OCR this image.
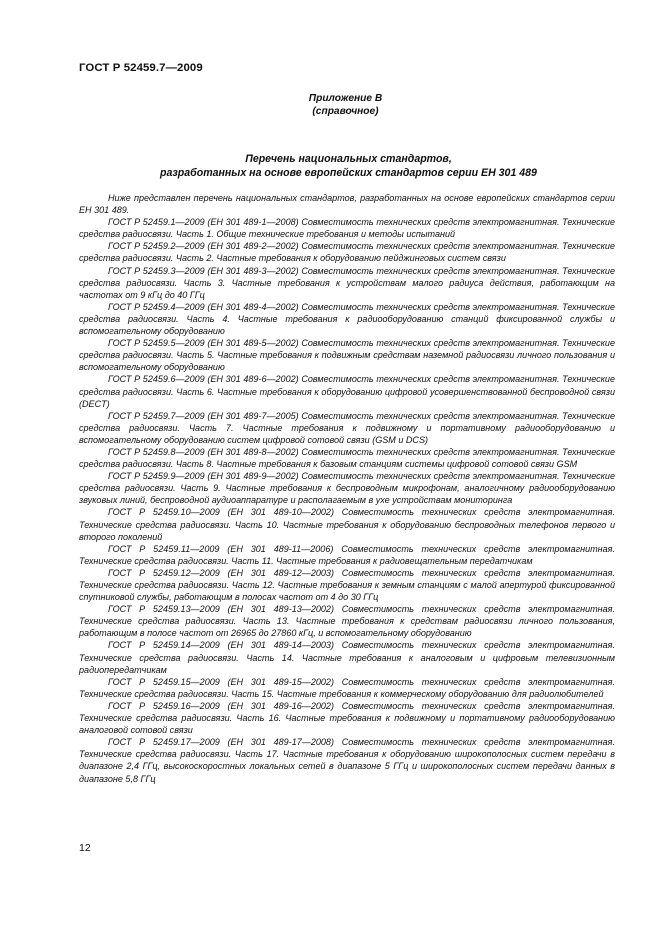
ГОСТ Р 52459.7—2009
Приложение В
(справочное)
Перечень национальных стандартов,
разработанных на основе европейских стандартов серии ЕН 301 489

Ниже представлен перечень национальных стандартов, разработанных на основе европейских стандартов серии ЕН 301 489.

ГОСТ Р 52459.1—2009 (ЕН 301 489-1—2008) Совместимость технических средств электромагнитная. Технические средства радиосвязи. Часть 1. Общие технические требования и методы испытаний

ГОСТ Р 52459.2—2009 (ЕН 301 489-2—2002) Совместимость технических средств электромагнитная. Технические средства радиосвязи. Часть 2. Частные требования к оборудованию пейджинговых систем связи

ГОСТ Р 52459.3—2009 (ЕН 301 489-3—2002) Совместимость технических средств электромагнитная. Технические средства радиосвязи. Часть 3. Частные требования к устройствам малого радиуса действия, работающим на частотах от 9 кГц до 40 ГГц

ГОСТ Р 52459.4—2009 (ЕН 301 489-4—2002) Совместимость технических средств электромагнитная. Технические средства радиосвязи. Часть 4. Частные требования к радиооборудованию станций фиксированной службы и вспомогательному оборудованию

ГОСТ Р 52459.5—2009 (ЕН 301 489-5—2002) Совместимость технических средств электромагнитная. Технические средства радиосвязи. Часть 5. Частные требования к подвижным средствам наземной радиосвязи личного пользования и вспомогательному оборудованию

ГОСТ Р 52459.6—2009 (ЕН 301 489-6—2002) Совместимость технических средств электромагнитная. Технические средства радиосвязи. Часть 6. Частные требования к оборудованию цифровой усовершенствованной беспроводной связи (DECT)

ГОСТ Р 52459.7—2009 (ЕН 301 489-7—2005) Совместимость технических средств электромагнитная. Технические средства радиосвязи. Часть 7. Частные требования к подвижному и портативному радиооборудованию и вспомогательному оборудованию систем цифровой сотовой связи (GSM и DCS)

ГОСТ Р 52459.8—2009 (ЕН 301 489-8—2002) Совместимость технических средств электромагнитная. Технические средства радиосвязи. Часть 8. Частные требования к базовым станциям системы цифровой сотовой связи GSM

ГОСТ Р 52459.9—2009 (ЕН 301 489-9—2002) Совместимость технических средств электромагнитная. Технические средства радиосвязи. Часть 9. Частные требования к беспроводным микрофонам, аналогичному радиооборудованию звуковых линий, беспроводной аудиоаппаратуре и располагаемым в ухе устройствам мониторинга

ГОСТ Р 52459.10—2009 (ЕН 301 489-10—2002) Совместимость технических средств электромагнитная. Технические средства радиосвязи. Часть 10. Частные требования к оборудованию беспроводных телефонов первого и второго поколений

ГОСТ Р 52459.11—2009 (ЕН 301 489-11—2006) Совместимость технических средств электромагнитная. Технические средства радиосвязи. Часть 11. Частные требования к радиовещательным передатчикам

ГОСТ Р 52459.12—2009 (ЕН 301 489-12—2003) Совместимость технических средств электромагнитная. Технические средства радиосвязи. Часть 12. Частные требования к земным станциям с малой апертурой фиксированной спутниковой службы, работающим в полосах частот от 4 до 30 ГГц

ГОСТ Р 52459.13—2009 (ЕН 301 489-13—2002) Совместимость технических средств электромагнитная. Технические средства радиосвязи. Часть 13. Частные требования к средствам радиосвязи личного пользования, работающим в полосе частот от 26965 до 27860 кГц, и вспомогательному оборудованию

ГОСТ Р 52459.14—2009 (ЕН 301 489-14—2003) Совместимость технических средств электромагнитная. Технические средства радиосвязи. Часть 14. Частные требования к аналоговым и цифровым телевизионным радиопередатчикам

ГОСТ Р 52459.15—2009 (ЕН 301 489-15—2002) Совместимость технических средств электромагнитная. Технические средства радиосвязи. Часть 15. Частные требования к коммерческому оборудованию для радиолюбителей

ГОСТ Р 52459.16—2009 (ЕН 301 489-16—2002) Совместимость технических средств электромагнитная. Технические средства радиосвязи. Часть 16. Частные требования к подвижному и портативному радиооборудованию аналоговой сотовой связи

ГОСТ Р 52459.17—2009 (ЕН 301 489-17—2008) Совместимость технических средств электромагнитная. Технические средства радиосвязи. Часть 17. Частные требования к оборудованию широкополосных систем передачи в диапазоне 2,4 ГГц, высокоскоростных локальных сетей в диапазоне 5 ГГц и широкополосных систем передачи данных в диапазоне 5,8 ГГц

12
